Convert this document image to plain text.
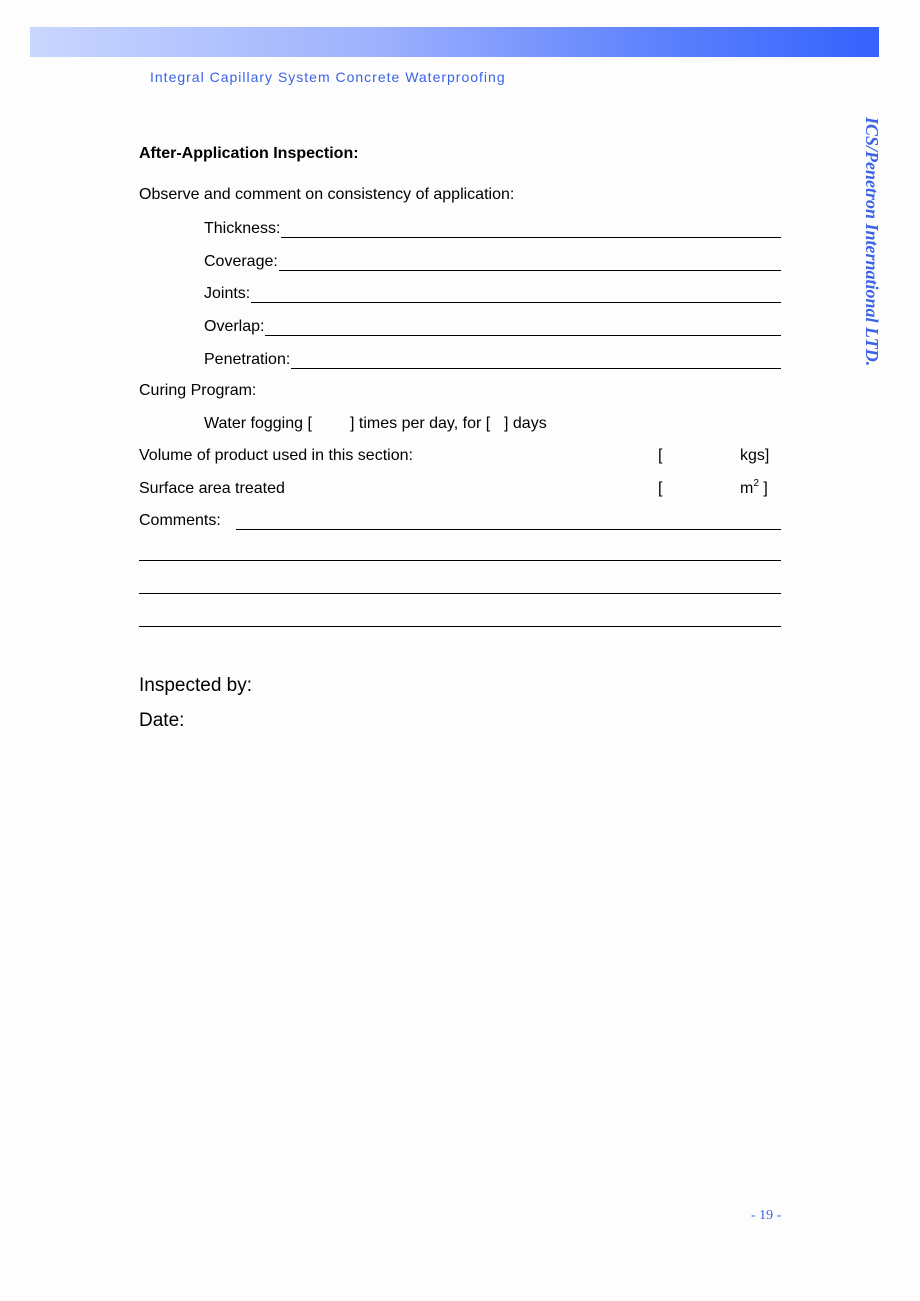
Integral Capillary System Concrete Waterproofing
ICS/Penetron International LTD.
After-Application Inspection:
Observe and comment on consistency of application:
Thickness:
Coverage:
Joints:
Overlap:
Penetration:
Curing Program:
Water fogging [ ] times per day, for [ ] days
Volume of product used in this section:	[	kgs]
Surface area treated	[	$m^2$ ]
Comments:
Inspected by:
Date:
- 19 -
